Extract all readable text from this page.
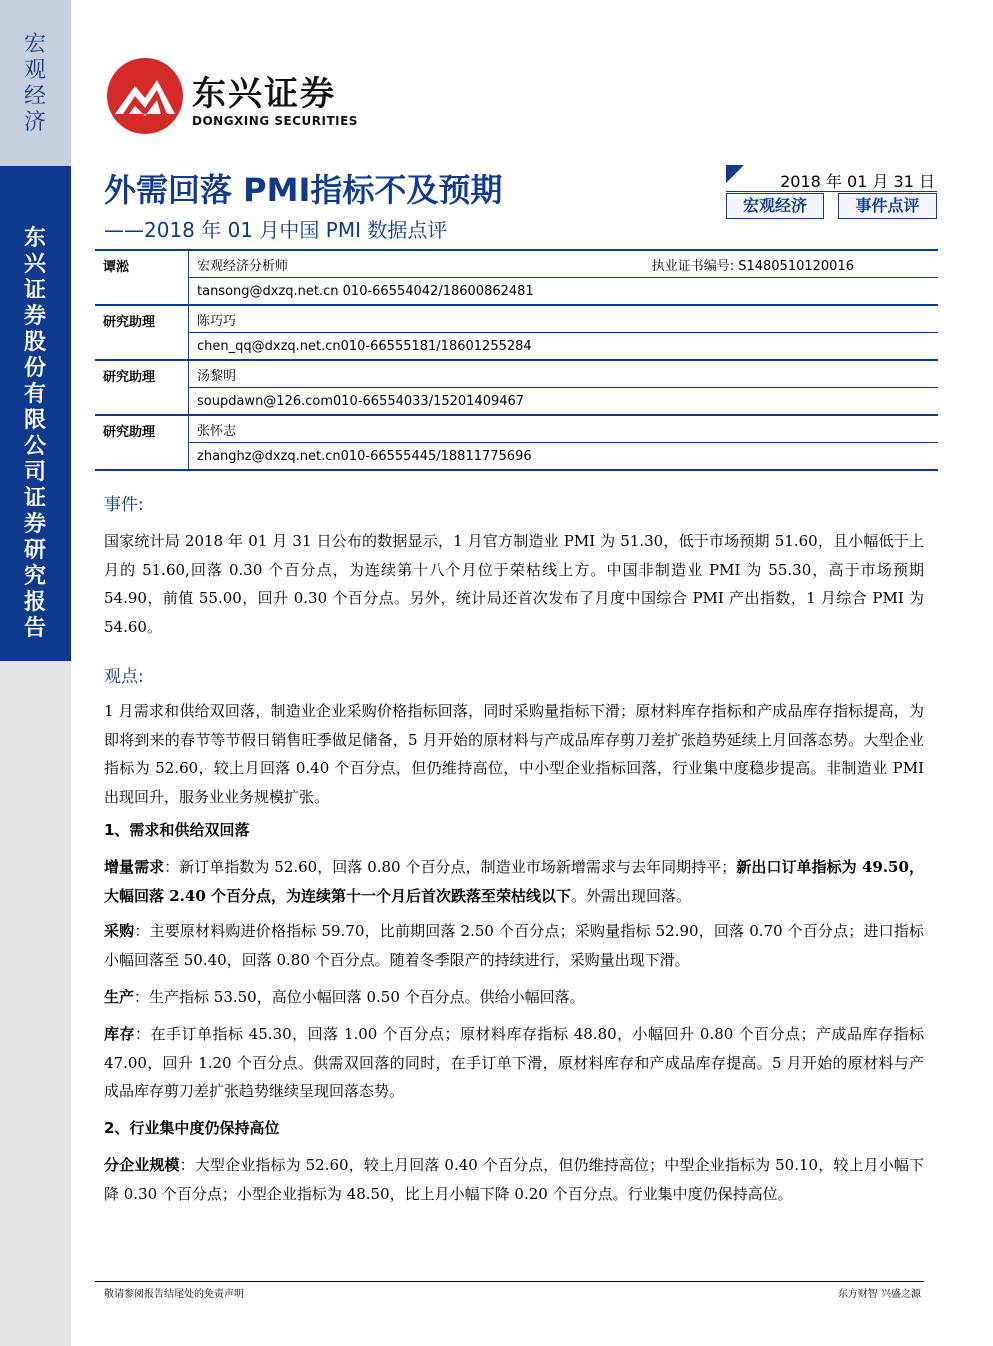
宏观经济
东兴证券股份有限公司证券研究报告
东兴证券
DONGXING SECURITIES
外需回落 PMI指标不及预期
——2018 年 01 月中国 PMI 数据点评
2018 年 01 月 31 日
宏观经济	事件点评
谭淞	宏观经济分析师 执业证书编号: S1480510120016

	tansong@dxzq.net.cn 010-66554042/18600862481
研究助理	陈巧巧
	chen_qq@dxzq.net.cn010-66555181/18601255284
研究助理	汤黎明
	soupdawn@126.com010-66554033/15201409467
研究助理	张怀志
	zhanghz@dxzq.net.cn010-66555445/18811775696
事件:
国家统计局 2018 年 01 月 31 日公布的数据显示，1 月官方制造业 PMI 为 51.30，低于市场预期 51.60，且小幅低于上月的 51.60,回落 0.30 个百分点，为连续第十八个月位于荣枯线上方。中国非制造业 PMI 为 55.30，高于市场预期 54.90，前值 55.00，回升 0.30 个百分点。另外，统计局还首次发布了月度中国综合 PMI 产出指数，1 月综合 PMI 为 54.60。
观点:
1 月需求和供给双回落，制造业企业采购价格指标回落，同时采购量指标下滑；原材料库存指标和产成品库存指标提高，为即将到来的春节等节假日销售旺季做足储备，5 月开始的原材料与产成品库存剪刀差扩张趋势延续上月回落态势。大型企业指标为 52.60，较上月回落 0.40 个百分点，但仍维持高位，中小型企业指标回落，行业集中度稳步提高。非制造业 PMI 出现回升，服务业业务规模扩张。
1、需求和供给双回落
增量需求：新订单指数为 52.60，回落 0.80 个百分点，制造业市场新增需求与去年同期持平；新出口订单指标为 49.50，大幅回落 2.40 个百分点，为连续第十一个月后首次跌落至荣枯线以下。外需出现回落。
采购：主要原材料购进价格指标 59.70，比前期回落 2.50 个百分点；采购量指标 52.90，回落 0.70 个百分点；进口指标小幅回落至 50.40，回落 0.80 个百分点。随着冬季限产的持续进行，采购量出现下滑。
生产：生产指标 53.50，高位小幅回落 0.50 个百分点。供给小幅回落。
库存：在手订单指标 45.30，回落 1.00 个百分点；原材料库存指标 48.80，小幅回升 0.80 个百分点；产成品库存指标 47.00，回升 1.20 个百分点。供需双回落的同时，在手订单下滑，原材料库存和产成品库存提高。5 月开始的原材料与产成品库存剪刀差扩张趋势继续呈现回落态势。
2、行业集中度仍保持高位
分企业规模：大型企业指标为 52.60，较上月回落 0.40 个百分点，但仍维持高位；中型企业指标为 50.10，较上月小幅下降 0.30 个百分点；小型企业指标为 48.50，比上月小幅下降 0.20 个百分点。行业集中度仍保持高位。
敬请参阅报告结尾处的免责声明	东方财智 兴盛之源
